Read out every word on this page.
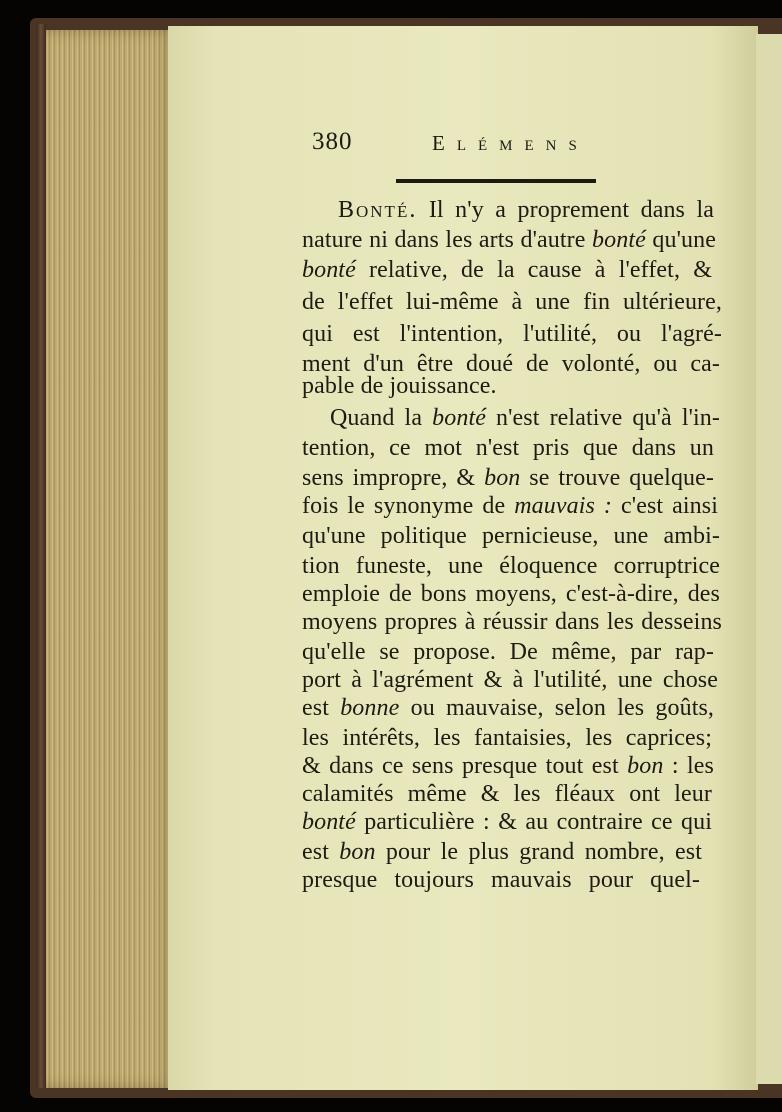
380	Elémens
Bonté. Il n'y a proprement dans la
nature ni dans les arts d'autre bonté qu'une
bonté relative, de la cause à l'effet, &
de l'effet lui-même à une fin ultérieure,
qui est l'intention, l'utilité, ou l'agré-
ment d'un être doué de volonté, ou ca-
pable de jouissance.
Quand la bonté n'est relative qu'à l'in-
tention, ce mot n'est pris que dans un
sens impropre, & bon se trouve quelque-
fois le synonyme de mauvais : c'est ainsi
qu'une politique pernicieuse, une ambi-
tion funeste, une éloquence corruptrice
emploie de bons moyens, c'est-à-dire, des
moyens propres à réussir dans les desseins
qu'elle se propose. De même, par rap-
port à l'agrément & à l'utilité, une chose
est bonne ou mauvaise, selon les goûts,
les intérêts, les fantaisies, les caprices;
& dans ce sens presque tout est bon : les
calamités même & les fléaux ont leur
bonté particulière : & au contraire ce qui
est bon pour le plus grand nombre, est
presque toujours mauvais pour quel-
